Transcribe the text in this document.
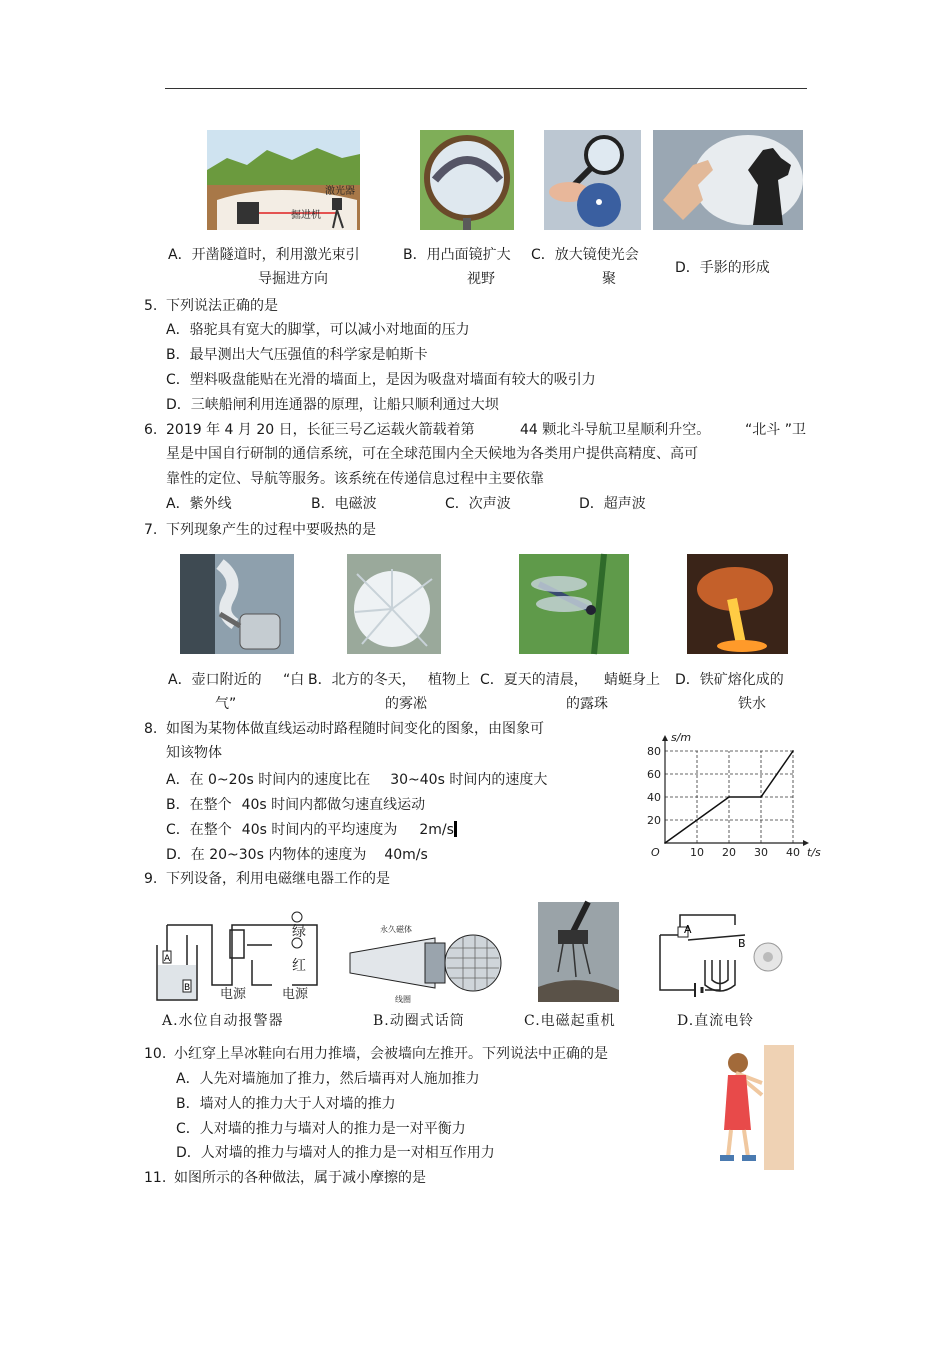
激光器
掘进机
A．开凿隧道时，利用激光束引
导掘进方向
B．用凸面镜扩大
视野
C．放大镜使光会
聚
D．手影的形成
5. 下列说法正确的是
A．骆驼具有宽大的脚掌，可以减小对地面的压力
B．最早测出大气压强值的科学家是帕斯卡
C．塑料吸盘能贴在光滑的墙面上，是因为吸盘对墙面有较大的吸引力
D．三峡船闸利用连通器的原理，让船只顺利通过大坝
6. 2019 年 4 月 20 日，长征三号乙运载火箭载着第	44 颗北斗导航卫星顺利升空。 “北斗 ”卫
星是中国自行研制的通信系统，可在全球范围内全天候地为各类用户提供高精度、高可
靠性的定位、导航等服务。该系统在传递信息过程中主要依靠
A．紫外线	B．电磁波	C．次声波	D．超声波
7. 下列现象产生的过程中要吸热的是
A．壶口附近的 “白
气”
B．北方的冬天， 植物上
的雾凇
C．夏天的清晨， 蜻蜓身上
的露珠
D．铁矿熔化成的
铁水
8. 如图为某物体做直线运动时路程随时间变化的图象，由图象可
知该物体
A．在 0~20s 时间内的速度比在 30~40s 时间内的速度大
B．在整个 40s 时间内都做匀速直线运动
C．在整个 40s 时间内的平均速度为 2m/s
D．在 20~30s 内物体的速度为 40m/s	10 20 30 40
20
40
60
80
O	t/s
s/m
9. 下列设备，利用电磁继电器工作的是
A
B
绿
红
电源	电源
永久磁体
线圈
A
B
A.水位自动报警器	B.动圈式话筒	C.电磁起重机	D.直流电铃
10. 小红穿上旱冰鞋向右用力推墙，会被墙向左推开。下列说法中正确的是
A．人先对墙施加了推力，然后墙再对人施加推力
B．墙对人的推力大于人对墙的推力
C．人对墙的推力与墙对人的推力是一对平衡力
D．人对墙的推力与墙对人的推力是一对相互作用力
11. 如图所示的各种做法，属于减小摩擦的是
